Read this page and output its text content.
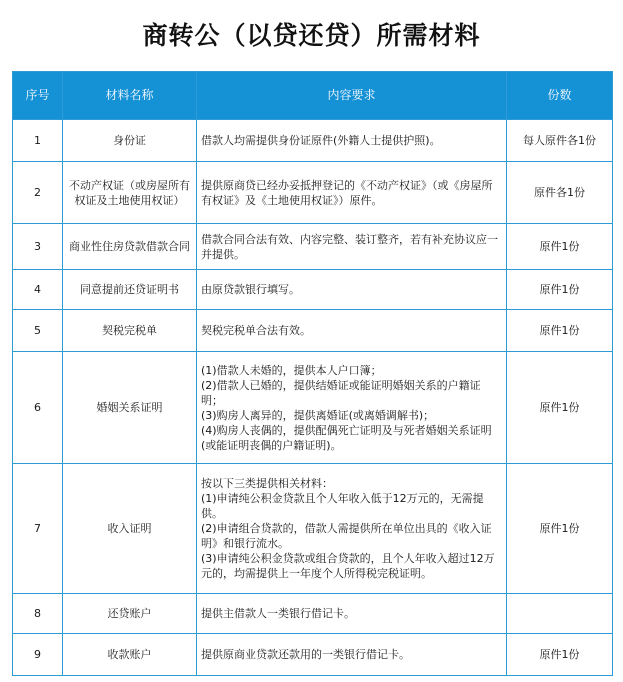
商转公（以贷还贷）所需材料
序号	材料名称	内容要求	份数
1	身份证	借款人均需提供身份证原件(外籍人士提供护照)。	每人原件各1份
2	不动产权证（或房屋所有权证及土地使用权证）	提供原商贷已经办妥抵押登记的《不动产权证》（或《房屋所有权证》及《土地使用权证》）原件。	原件各1份
3	商业性住房贷款借款合同	借款合同合法有效、内容完整、装订整齐，若有补充协议应一并提供。	原件1份
4	同意提前还贷证明书	由原贷款银行填写。	原件1份
5	契税完税单	契税完税单合法有效。	原件1份
6	婚姻关系证明	(1)借款人未婚的，提供本人户口簿；
(2)借款人已婚的，提供结婚证或能证明婚姻关系的户籍证明；
(3)购房人离异的，提供离婚证(或离婚调解书)；
(4)购房人丧偶的，提供配偶死亡证明及与死者婚姻关系证明(或能证明丧偶的户籍证明)。	原件1份
7	收入证明	按以下三类提供相关材料：
(1)申请纯公积金贷款且个人年收入低于12万元的，无需提供。
(2)申请组合贷款的，借款人需提供所在单位出具的《收入证明》和银行流水。
(3)申请纯公积金贷款或组合贷款的，且个人年收入超过12万元的，均需提供上一年度个人所得税完税证明。	原件1份
8	还贷账户	提供主借款人一类银行借记卡。	

9	收款账户	提供原商业贷款还款用的一类银行借记卡。	原件1份
